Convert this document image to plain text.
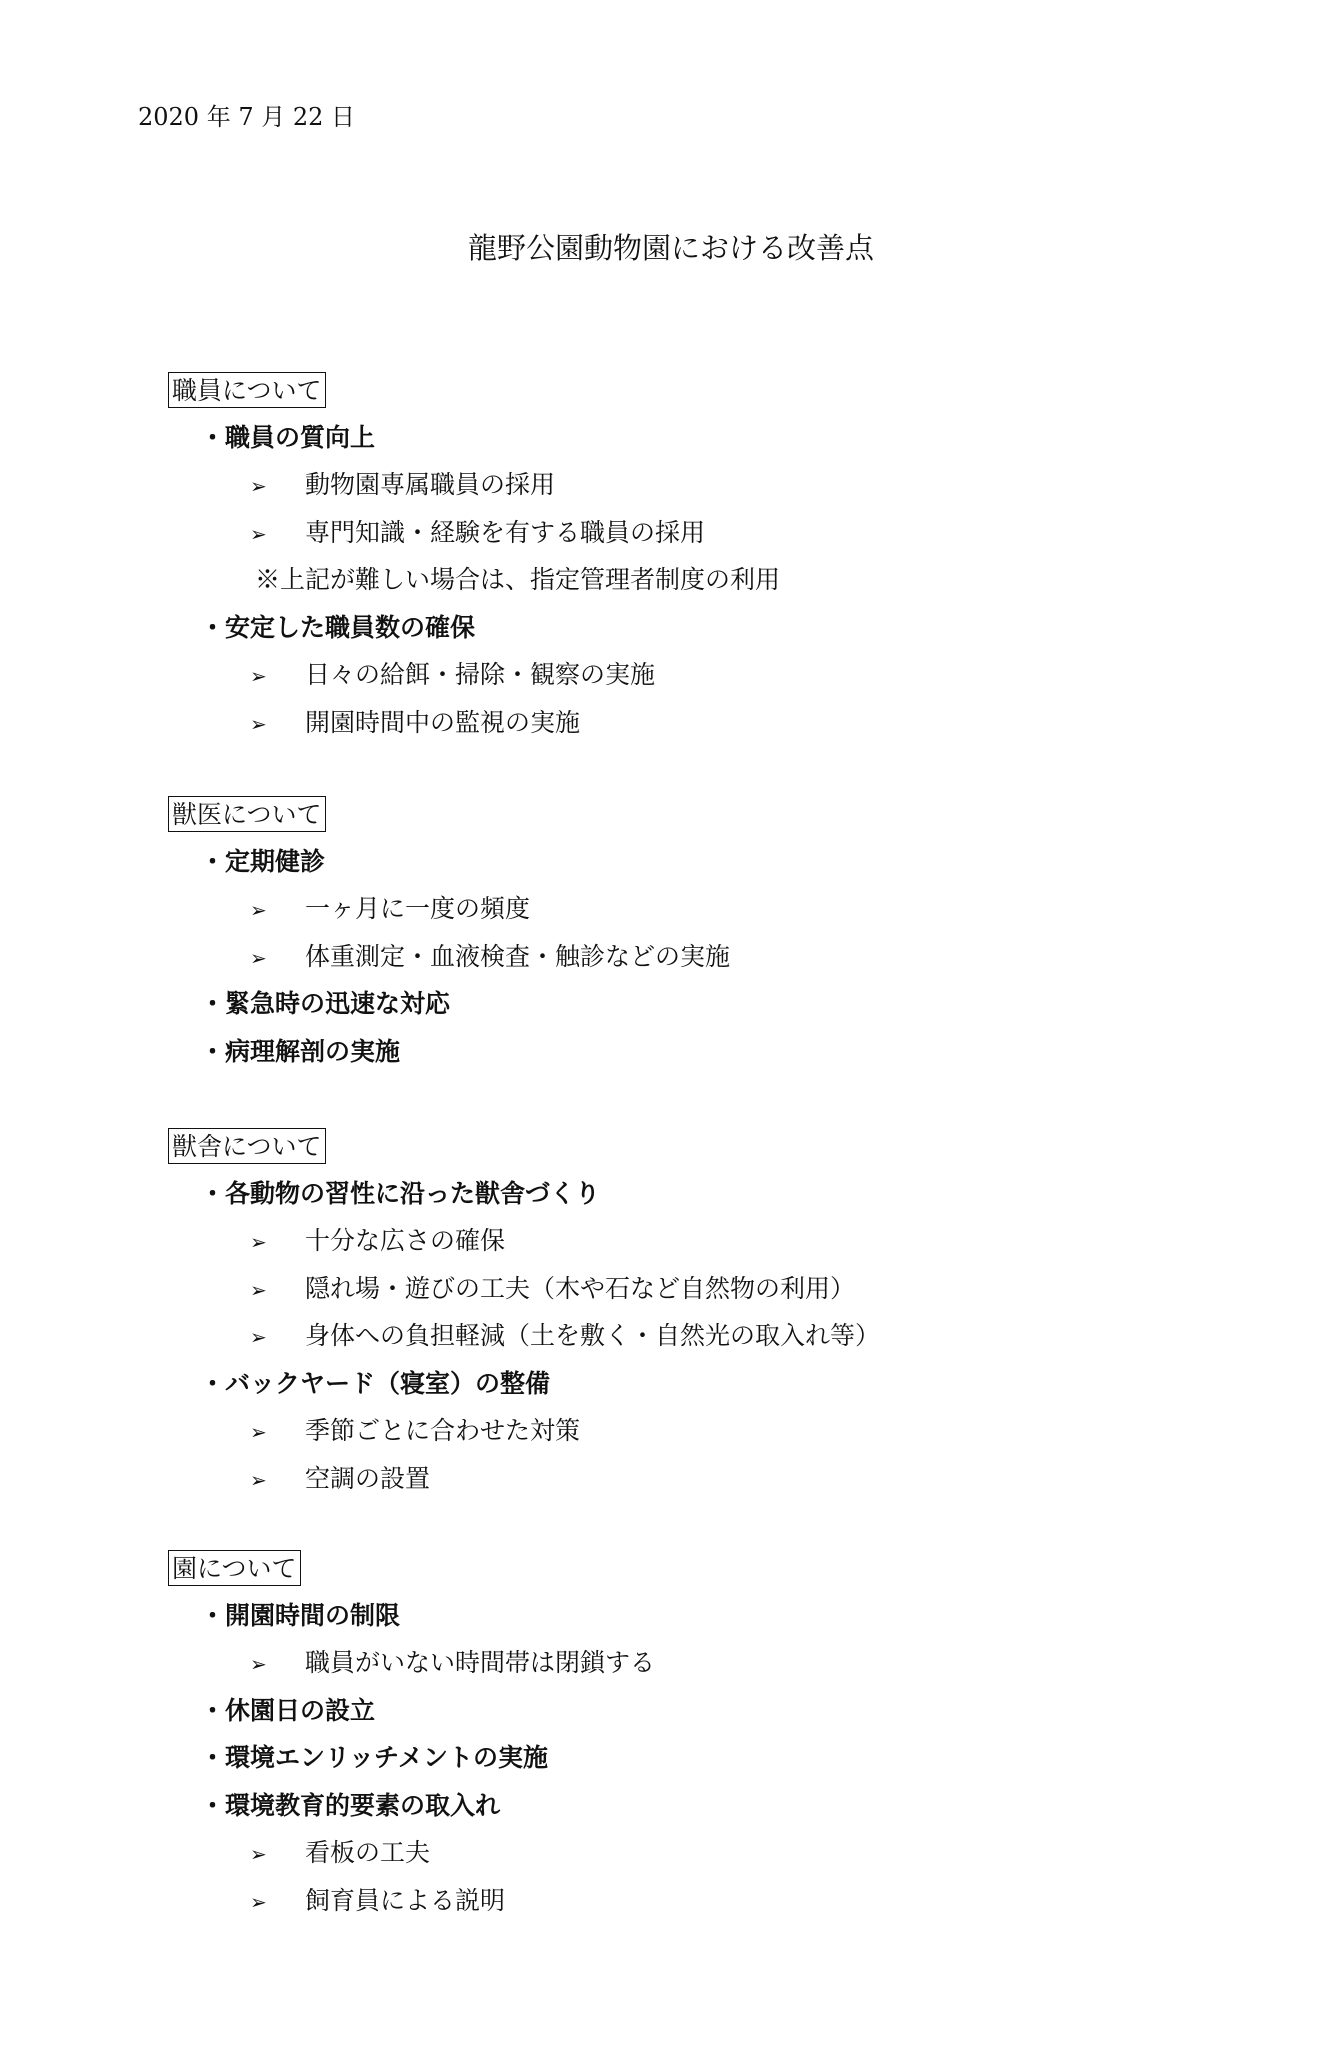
2020 年 7 月 22 日
龍野公園動物園における改善点
職員について
・職員の質向上
➢ 動物園専属職員の採用
➢ 専門知識・経験を有する職員の採用
※上記が難しい場合は、指定管理者制度の利用
・安定した職員数の確保
➢ 日々の給餌・掃除・観察の実施
➢ 開園時間中の監視の実施
獣医について
・定期健診
➢ 一ヶ月に一度の頻度
➢ 体重測定・血液検査・触診などの実施
・緊急時の迅速な対応
・病理解剖の実施
獣舎について
・各動物の習性に沿った獣舎づくり
➢ 十分な広さの確保
➢ 隠れ場・遊びの工夫（木や石など自然物の利用）
➢ 身体への負担軽減（土を敷く・自然光の取入れ等）
・バックヤード（寝室）の整備
➢ 季節ごとに合わせた対策
➢ 空調の設置
園について
・開園時間の制限
➢ 職員がいない時間帯は閉鎖する
・休園日の設立
・環境エンリッチメントの実施
・環境教育的要素の取入れ
➢ 看板の工夫
➢ 飼育員による説明
